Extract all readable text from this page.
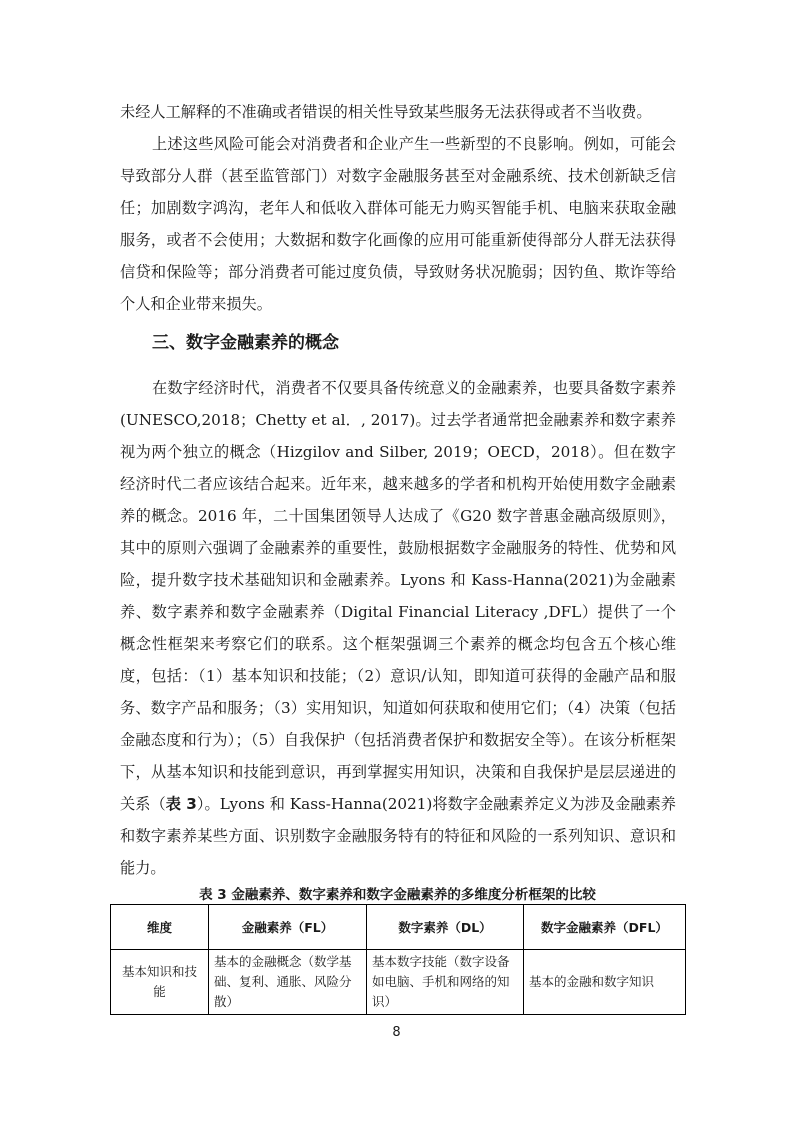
未经人工解释的不准确或者错误的相关性导致某些服务无法获得或者不当收费。

上述这些风险可能会对消费者和企业产生一些新型的不良影响。例如，可能会导致部分人群（甚至监管部门）对数字金融服务甚至对金融系统、技术创新缺乏信任；加剧数字鸿沟，老年人和低收入群体可能无力购买智能手机、电脑来获取金融服务，或者不会使用；大数据和数字化画像的应用可能重新使得部分人群无法获得信贷和保险等；部分消费者可能过度负债，导致财务状况脆弱；因钓鱼、欺诈等给个人和企业带来损失。

三、数字金融素养的概念

在数字经济时代，消费者不仅要具备传统意义的金融素养，也要具备数字素养(UNESCO,2018；Chetty et al．, 2017)。过去学者通常把金融素养和数字素养视为两个独立的概念（Hizgilov and Silber, 2019；OECD，2018）。但在数字经济时代二者应该结合起来。近年来，越来越多的学者和机构开始使用数字金融素养的概念。2016 年，二十国集团领导人达成了《G20 数字普惠金融高级原则》，其中的原则六强调了金融素养的重要性，鼓励根据数字金融服务的特性、优势和风险，提升数字技术基础知识和金融素养。Lyons 和 Kass-Hanna(2021)为金融素养、数字素养和数字金融素养（Digital Financial Literacy ,DFL）提供了一个概念性框架来考察它们的联系。这个框架强调三个素养的概念均包含五个核心维度，包括：（1）基本知识和技能；（2）意识/认知，即知道可获得的金融产品和服务、数字产品和服务；（3）实用知识，知道如何获取和使用它们；（4）决策（包括金融态度和行为）；（5）自我保护（包括消费者保护和数据安全等）。在该分析框架下，从基本知识和技能到意识，再到掌握实用知识，决策和自我保护是层层递进的关系（表 3）。Lyons 和 Kass-Hanna(2021)将数字金融素养定义为涉及金融素养和数字素养某些方面、识别数字金融服务特有的特征和风险的一系列知识、意识和能力。

表 3 金融素养、数字素养和数字金融素养的多维度分析框架的比较
维度	金融素养（FL）	数字素养（DL）	数字金融素养（DFL）
基本知识和技能	基本的金融概念（数学基础、复利、通胀、风险分散）	基本数字技能（数字设备如电脑、手机和网络的知识）	基本的金融和数字知识
8
